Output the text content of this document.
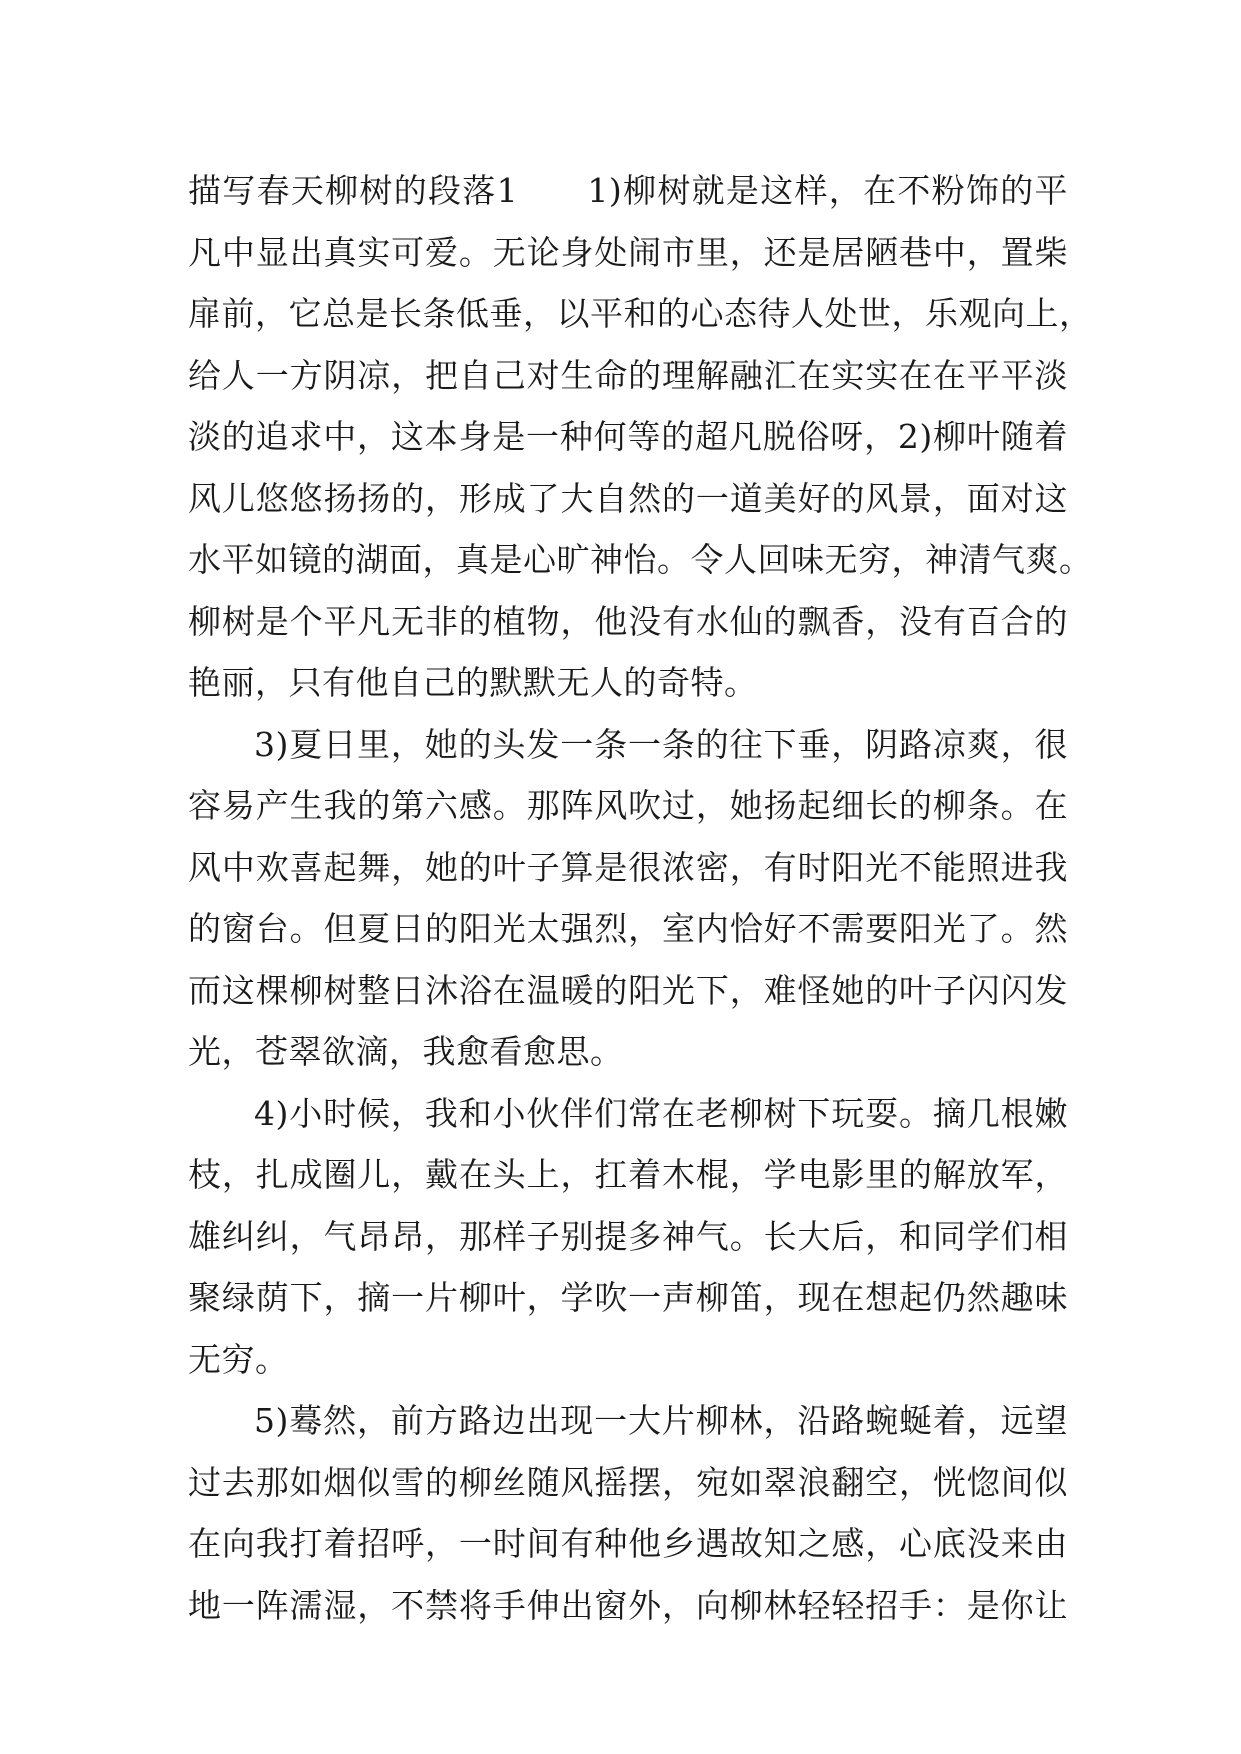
描写春天柳树的段落1　　1)柳树就是这样，在不粉饰的平
凡中显出真实可爱。无论身处闹市里，还是居陋巷中，置柴
扉前，它总是长条低垂，以平和的心态待人处世，乐观向上，
给人一方阴凉，把自己对生命的理解融汇在实实在在平平淡
淡的追求中，这本身是一种何等的超凡脱俗呀，2)柳叶随着
风儿悠悠扬扬的，形成了大自然的一道美好的风景，面对这
水平如镜的湖面，真是心旷神怡。令人回味无穷，神清气爽。
柳树是个平凡无非的植物，他没有水仙的飘香，没有百合的
艳丽，只有他自己的默默无人的奇特。
3)夏日里，她的头发一条一条的往下垂，阴路凉爽，很
容易产生我的第六感。那阵风吹过，她扬起细长的柳条。在
风中欢喜起舞，她的叶子算是很浓密，有时阳光不能照进我
的窗台。但夏日的阳光太强烈，室内恰好不需要阳光了。然
而这棵柳树整日沐浴在温暖的阳光下，难怪她的叶子闪闪发
光，苍翠欲滴，我愈看愈思。
4)小时候，我和小伙伴们常在老柳树下玩耍。摘几根嫩
枝，扎成圈儿，戴在头上，扛着木棍，学电影里的解放军，
雄纠纠，气昂昂，那样子别提多神气。长大后，和同学们相
聚绿荫下，摘一片柳叶，学吹一声柳笛，现在想起仍然趣味
无穷。
5)蓦然，前方路边出现一大片柳林，沿路蜿蜒着，远望
过去那如烟似雪的柳丝随风摇摆，宛如翠浪翻空，恍惚间似
在向我打着招呼，一时间有种他乡遇故知之感，心底没来由
地一阵濡湿，不禁将手伸出窗外，向柳林轻轻招手：是你让
